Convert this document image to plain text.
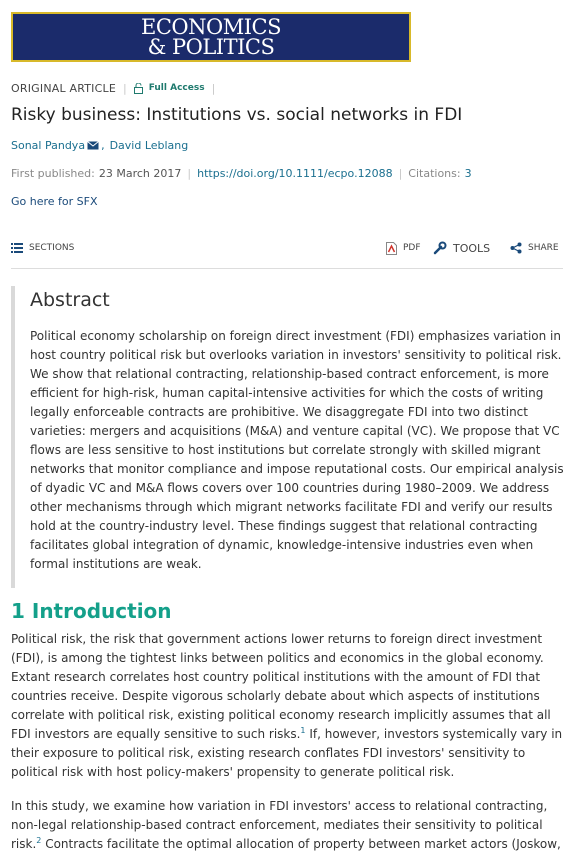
ECONOMICS
& POLITICS
ORIGINAL ARTICLE | Full Access |
Risky business: Institutions vs. social networks in FDI
Sonal Pandya , David Leblang
First published: 23 March 2017 | https://doi.org/10.1111/ecpo.12088 | Citations: 3
Go here for SFX
SECTIONS	PDF	TOOLS	SHARE
Abstract

Political economy scholarship on foreign direct investment (FDI) emphasizes variation in host country political risk but overlooks variation in investors' sensitivity to political risk. We show that relational contracting, relationship-based contract enforcement, is more efficient for high-risk, human capital-intensive activities for which the costs of writing legally enforceable contracts are prohibitive. We disaggregate FDI into two distinct varieties: mergers and acquisitions (M&A) and venture capital (VC). We propose that VC flows are less sensitive to host institutions but correlate strongly with skilled migrant networks that monitor compliance and impose reputational costs. Our empirical analysis of dyadic VC and M&A flows covers over 100 countries during 1980–2009. We address other mechanisms through which migrant networks facilitate FDI and verify our results hold at the country-industry level. These findings suggest that relational contracting facilitates global integration of dynamic, knowledge-intensive industries even when formal institutions are weak.

1 Introduction

Political risk, the risk that government actions lower returns to foreign direct investment (FDI), is among the tightest links between politics and economics in the global economy. Extant research correlates host country political institutions with the amount of FDI that countries receive. Despite vigorous scholarly debate about which aspects of institutions correlate with political risk, existing political economy research implicitly assumes that all FDI investors are equally sensitive to such risks.$^1$ If, however, investors systemically vary in their exposure to political risk, existing research conflates FDI investors' sensitivity to political risk with host policy-makers' propensity to generate political risk.

In this study, we examine how variation in FDI investors' access to relational contracting, non-legal relationship-based contract enforcement, mediates their sensitivity to political risk.$^2$ Contracts facilitate the optimal allocation of property between market actors (Joskow,
